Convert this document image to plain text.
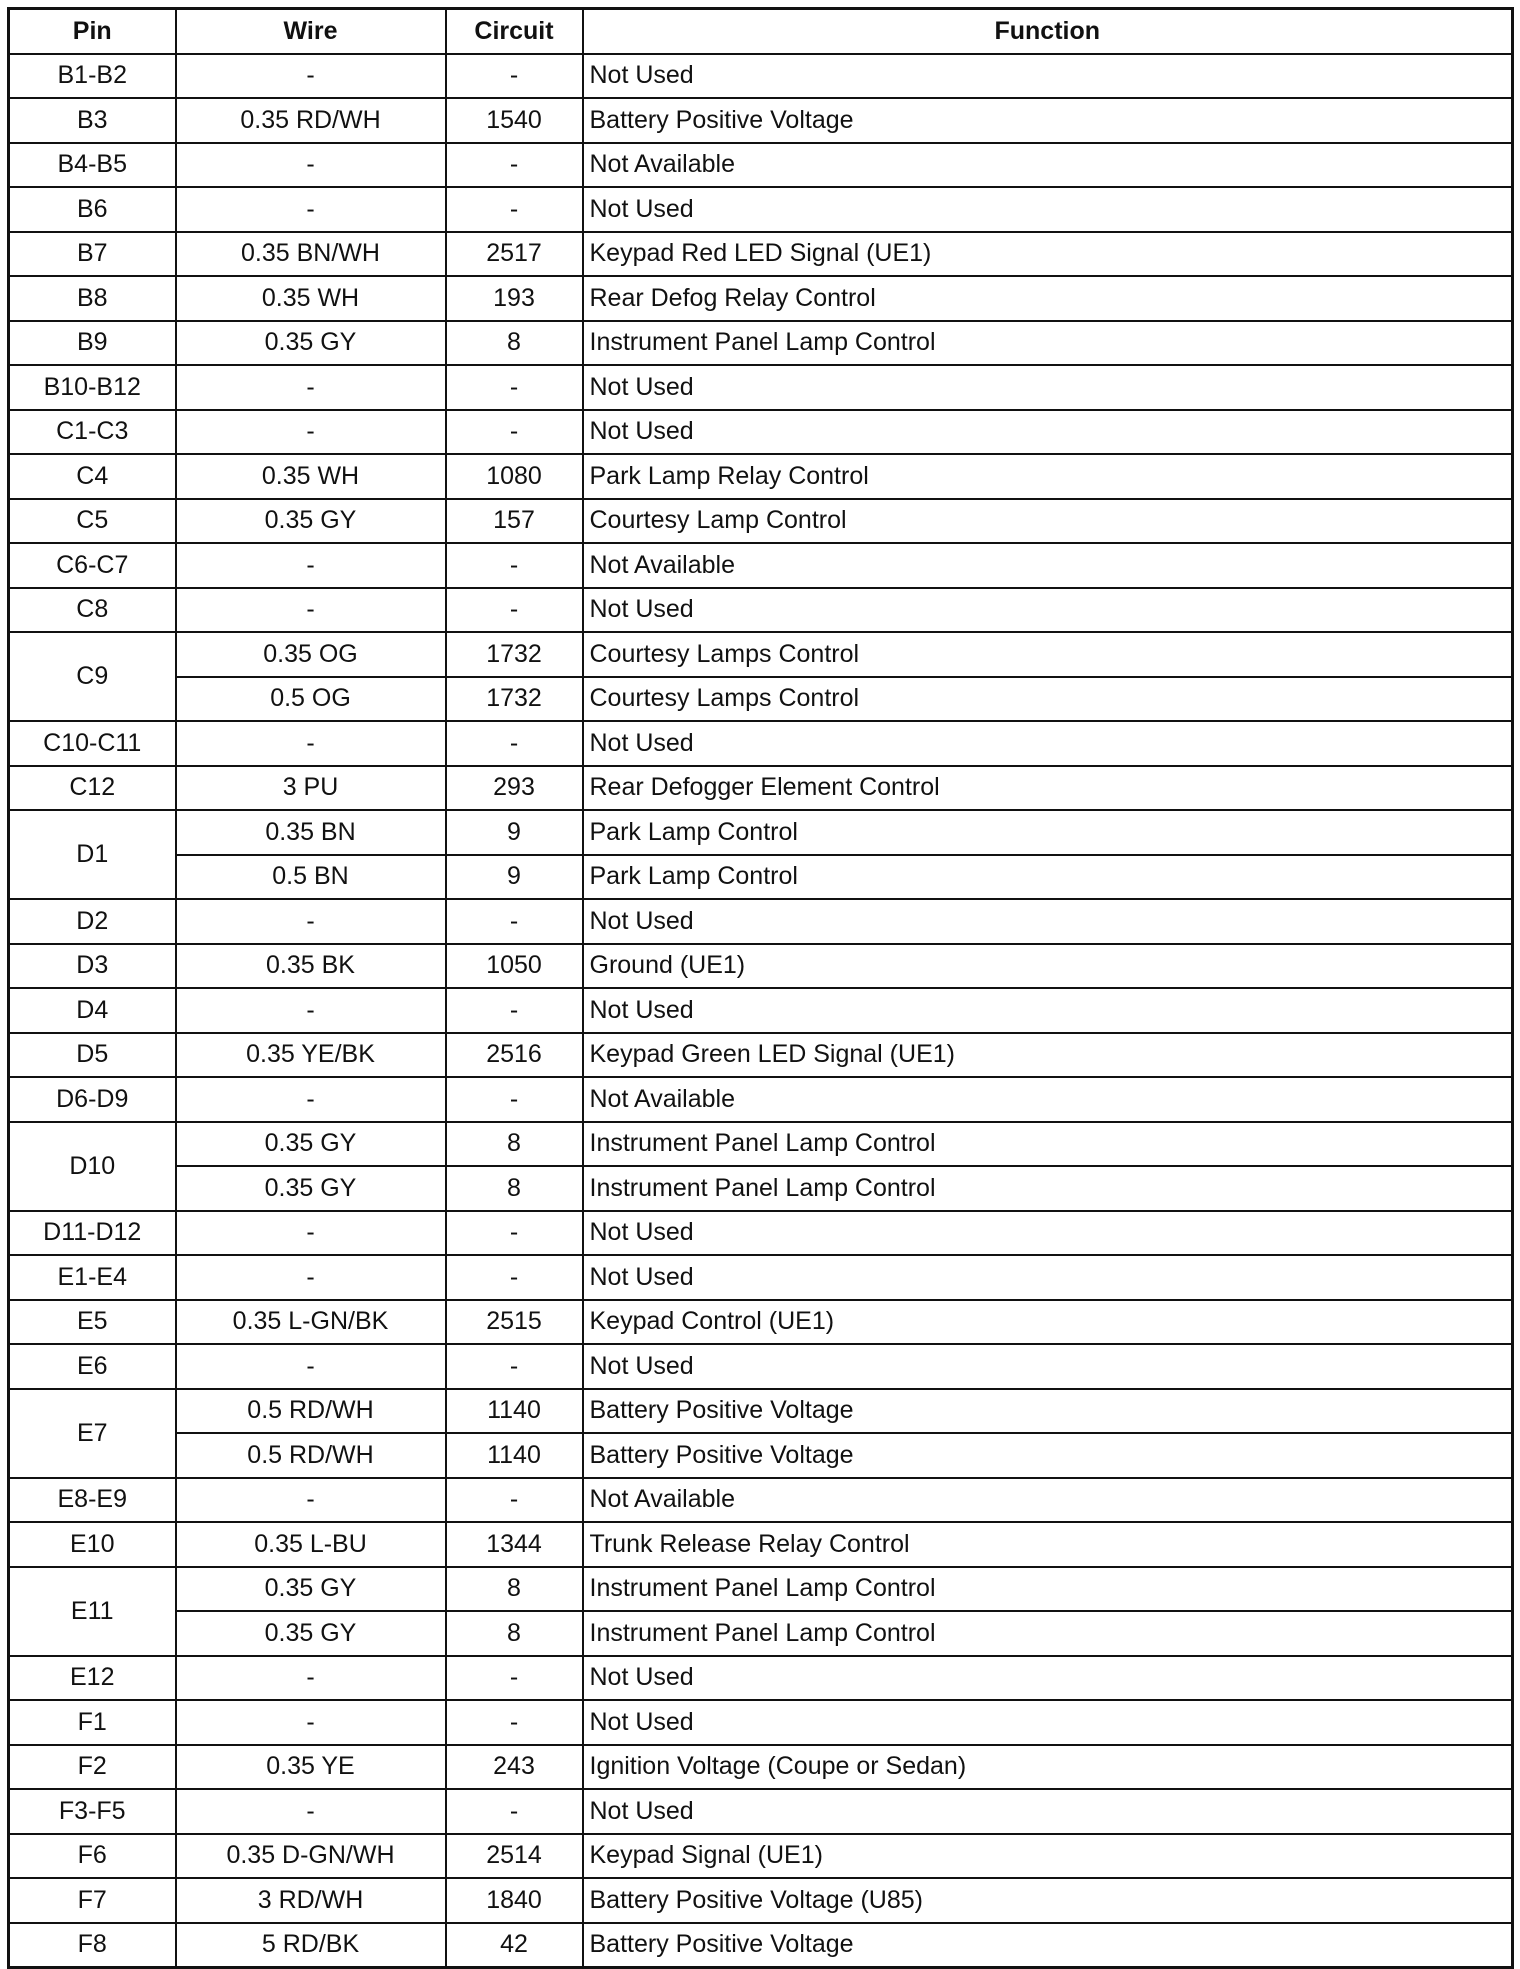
Pin	Wire	Circuit	Function
B1-B2	-	-	Not Used
B3	0.35 RD/WH	1540	Battery Positive Voltage
B4-B5	-	-	Not Available
B6	-	-	Not Used
B7	0.35 BN/WH	2517	Keypad Red LED Signal (UE1)
B8	0.35 WH	193	Rear Defog Relay Control
B9	0.35 GY	8	Instrument Panel Lamp Control
B10-B12	-	-	Not Used
C1-C3	-	-	Not Used
C4	0.35 WH	1080	Park Lamp Relay Control
C5	0.35 GY	157	Courtesy Lamp Control
C6-C7	-	-	Not Available
C8	-	-	Not Used
C9	0.35 OG	1732	Courtesy Lamps Control
	0.5 OG	1732	Courtesy Lamps Control
C10-C11	-	-	Not Used
C12	3 PU	293	Rear Defogger Element Control
D1	0.35 BN	9	Park Lamp Control
	0.5 BN	9	Park Lamp Control
D2	-	-	Not Used
D3	0.35 BK	1050	Ground (UE1)
D4	-	-	Not Used
D5	0.35 YE/BK	2516	Keypad Green LED Signal (UE1)
D6-D9	-	-	Not Available
D10	0.35 GY	8	Instrument Panel Lamp Control
	0.35 GY	8	Instrument Panel Lamp Control
D11-D12	-	-	Not Used
E1-E4	-	-	Not Used
E5	0.35 L-GN/BK	2515	Keypad Control (UE1)
E6	-	-	Not Used
E7	0.5 RD/WH	1140	Battery Positive Voltage
	0.5 RD/WH	1140	Battery Positive Voltage
E8-E9	-	-	Not Available
E10	0.35 L-BU	1344	Trunk Release Relay Control
E11	0.35 GY	8	Instrument Panel Lamp Control
	0.35 GY	8	Instrument Panel Lamp Control
E12	-	-	Not Used
F1	-	-	Not Used
F2	0.35 YE	243	Ignition Voltage (Coupe or Sedan)
F3-F5	-	-	Not Used
F6	0.35 D-GN/WH	2514	Keypad Signal (UE1)
F7	3 RD/WH	1840	Battery Positive Voltage (U85)
F8	5 RD/BK	42	Battery Positive Voltage
